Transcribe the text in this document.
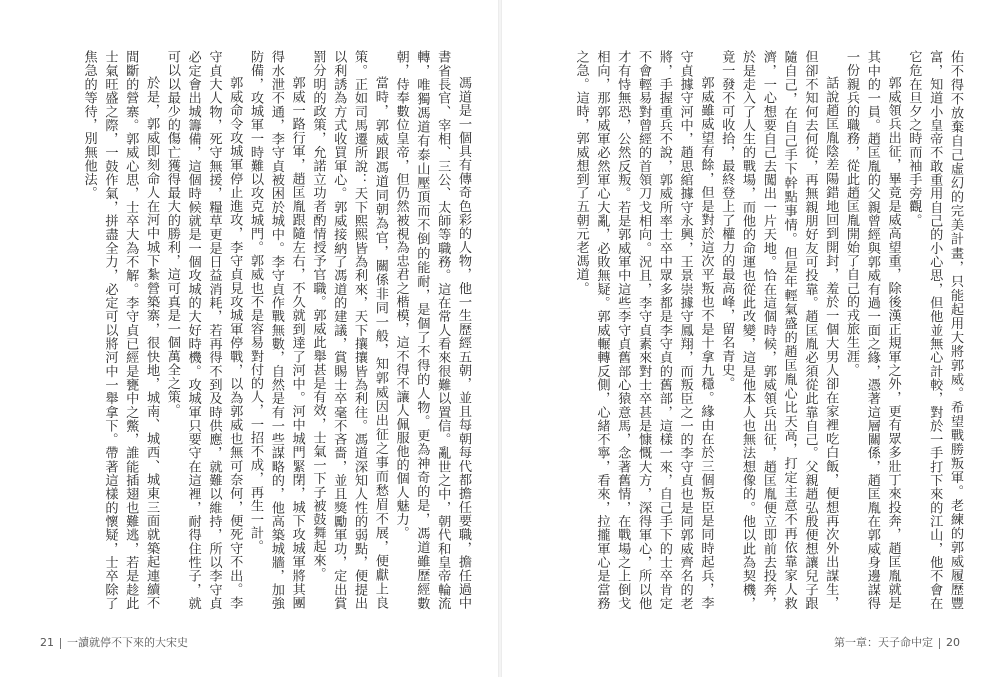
佑不得不放棄自己虛幻的完美計畫，只能起用大將郭威。希望戰勝叛軍。老練的郭威履歷豐富，知道小皇帝不敢重用自己的小心思，但他並無心計較，對於一手打下來的江山，他不會在它危在旦夕之時而袖手旁觀。

郭威領兵出征，畢竟是威高望重，除後漢正規軍之外，更有眾多壯丁來投奔，趙匡胤就是其中的一員。趙匡胤的父親曾經與郭威有過一面之緣，憑著這層關係，趙匡胤在郭威身邊謀得一份親兵的職務，從此趙匡胤開始了自己的戎旅生涯。

話說趙匡胤陰差陽錯地回到開封，羞於一個大男人卻在家裡吃白飯，便想再次外出謀生，但卻不知何去何從，再無親朋好友可投靠。趙匡胤必須從此靠自己。父親趙弘殷便想讓兒子跟隨自己，在自己手下幹點事情。但是年輕氣盛的趙匡胤心比天高，打定主意不再依靠家人救濟，一心想要自己去闖出一片天地。恰在這個時候，郭威領兵出征，趙匡胤便立即前去投奔，於是走入了人生的戰場，而他的命運也從此改變，這是他本人也無法想像的。他以此為契機，竟一發不可收拾，最終登上了權力的最高峰，留名青史。

郭威雖威望有餘，但是對於這次平叛也不是十拿九穩。緣由在於三個叛臣是同時起兵，李守貞據守河中，趙思綰據守永興，王景崇據守鳳翔，而叛臣之一的李守貞也是同郭威齊名的老將，手握重兵不說，郭威所率士卒中眾多都是李守貞的舊部，這樣一來，自己手下的士卒肯定不會輕易對曾經的首領刀戈相向。況且，李守貞素來對士卒甚是慷慨大方，深得軍心，所以他才有恃無恐，公然反叛。若是郭威軍中這些李守貞舊部心猿意馬，念著舊情，在戰場之上倒戈相向，那郭威軍必然軍心大亂，必敗無疑。郭威輾轉反側，心緒不寧，看來，拉攏軍心是當務之急。這時，郭威想到了五朝元老馮道。

第一章：天子命中定 20

馮道是一個具有傳奇色彩的人物，他一生歷經五朝，並且每朝每代都擔任要職，擔任過中書省長官、宰相、三公、太師等職務。這在常人看來很難以置信。亂世之中，朝代和皇帝輪流轉，唯獨馮道有泰山壓頂而不倒的能耐，是個了不得的人物。更為神奇的是，馮道雖歷經數朝，侍奉數位皇帝，但仍然被視為忠君之楷模，這不得不讓人佩服他的個人魅力。

當時，郭威跟馮道同朝為官，關係非同一般，知郭威因出征之事而愁眉不展，便獻上良策。正如司馬遷所說：天下熙熙皆為利來，天下攘攘皆為利往。馮道深知人性的弱點，便提出以利誘為方式收買軍心。郭威接納了馮道的建議，賞賜士卒毫不吝嗇，並且獎勵軍功，定出賞罰分明的政策，允諾立功者酌情授予官職。郭威此舉甚是有效，士氣一下子被鼓舞起來。

郭威一路行軍，趙匡胤跟隨左右，不久就到達了河中。河中城門緊閉，城下攻城軍將其團得水泄不通，李守貞被困於城中。李守貞作戰無數，自然是有一些謀略的，他高築城牆，加強防備，攻城軍一時難以攻克城門。郭威也不是容易對付的人，一招不成，再生一計。

郭威命令攻城軍停止進攻，李守貞見攻城軍停戰，以為郭威也無可奈何，便死守不出。李守貞大人物，死守無援，糧草更是日益消耗，若再得不到及時供應，就難以維持，所以李守貞必定會出城籌備，這個時候就是一個攻城的大好時機。攻城軍只要守在這裡，耐得住性子，就可以以最少的傷亡獲得最大的勝利，這可真是一個萬全之策。

於是，郭威即刻命人在河中城下紮營築寨，很快地，城南、城西、城東三面就築起連續不間斷的營寨。郭威心思，士卒大為不解。李守貞已經是甕中之鱉，誰能插翅也難逃，若是趁此士氣旺盛之際，一鼓作氣，拼盡全力，必定可以將河中一舉拿下。帶著這樣的懷疑，士卒除了焦急的等待，別無他法。

21 一讀就停不下來的大宋史
